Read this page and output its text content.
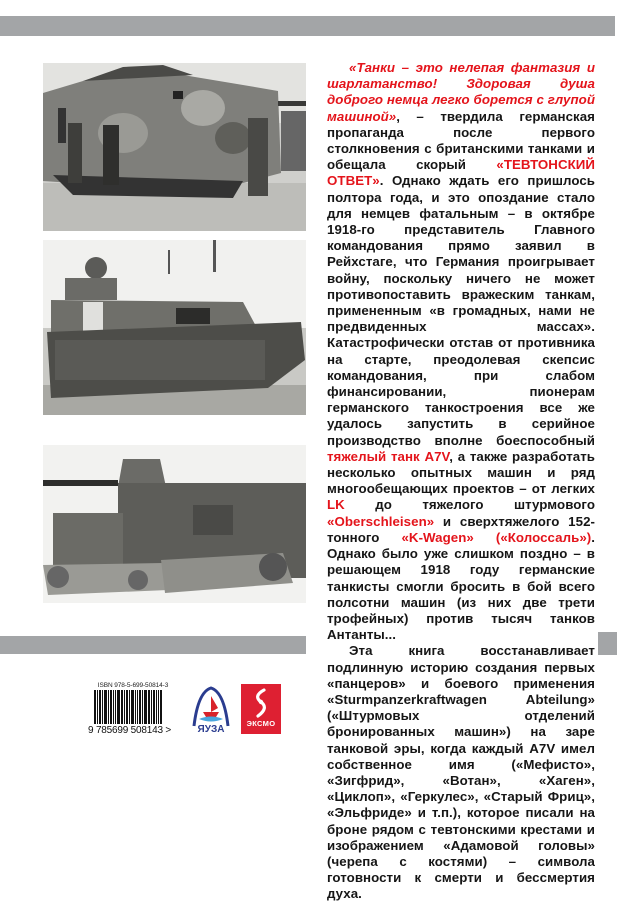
«Танки – это нелепая фантазия и шарлатанство! Здоровая душа доброго немца легко борется с глупой машиной», – твердила германская пропаганда после первого столкновения с британскими танками и обещала скорый «ТЕВТОНСКИЙ ОТВЕТ». Однако ждать его пришлось полтора года, и это опоздание стало для немцев фатальным – в октябре 1918-го представитель Главного командования прямо заявил в Рейхстаге, что Германия проигрывает войну, поскольку ничего не может противопоставить вражеским танкам, примененным «в громадных, нами не предвиденных массах». Катастрофически отстав от противника на старте, преодолевая скепсис командования, при слабом финансировании, пионерам германского танкостроения все же удалось запустить в серийное производство вполне боеспособный тяжелый танк A7V, а также разработать несколько опытных машин и ряд многообещающих проектов – от легких LK до тяжелого штурмового «Oberschleisen» и сверхтяжелого 152-тонного «K-Wagen» («Колоссаль»). Однако было уже слишком поздно – в решающем 1918 году германские танкисты смогли бросить в бой всего полсотни машин (из них две трети трофейных) против тысяч танков Антанты...

Эта книга восстанавливает подлинную историю создания первых «панцеров» и боевого применения «Sturmpanzerkraftwagen Abteilung» («Штурмовых отделений бронированных машин») на заре танковой эры, когда каждый A7V имел собственное имя («Мефисто», «Зигфрид», «Вотан», «Хаген», «Циклоп», «Геркулес», «Старый Фриц», «Эльфриде» и т.п.), которое писали на броне рядом с тевтонскими крестами и изображением «Адамовой головы» (черепа с костями) – символа готовности к смерти и бессмертия духа.

ISBN 978-5-699-50814-3
9 785699 508143 >	ЯУЗА
ЭКСМО
